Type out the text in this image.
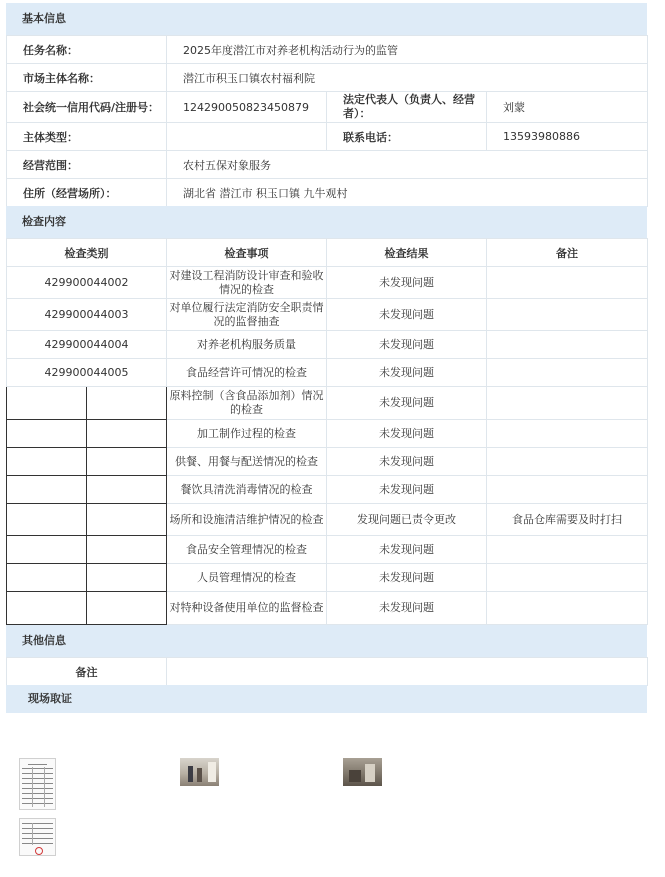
基本信息
任务名称：	2025年度潜江市对养老机构活动行为的监管		
市场主体名称：	潜江市积玉口镇农村福利院		
社会统一信用代码/注册号：	124290050823450879	法定代表人（负责人、经营者）：	刘蒙
主体类型：		联系电话：	13593980886
经营范围：	农村五保对象服务		
住所（经营场所）：	湖北省 潜江市 积玉口镇 九牛观村		
检查内容
检查类别		检查事项	检查结果	备注
429900044002		对建设工程消防设计审查和验收情况的检查	未发现问题	
429900044003		对单位履行法定消防安全职责情况的监督抽查	未发现问题	
429900044004		对养老机构服务质量	未发现问题	
429900044005		食品经营许可情况的检查	未发现问题	
		原料控制（含食品添加剂）情况的检查	未发现问题	
		加工制作过程的检查	未发现问题	
		供餐、用餐与配送情况的检查	未发现问题	
		餐饮具清洗消毒情况的检查	未发现问题	
		场所和设施清洁维护情况的检查	发现问题已责令更改	食品仓库需要及时打扫
		食品安全管理情况的检查	未发现问题	
		人员管理情况的检查	未发现问题	
		对特种设备使用单位的监督检查	未发现问题	
其他信息
备注	
现场取证
